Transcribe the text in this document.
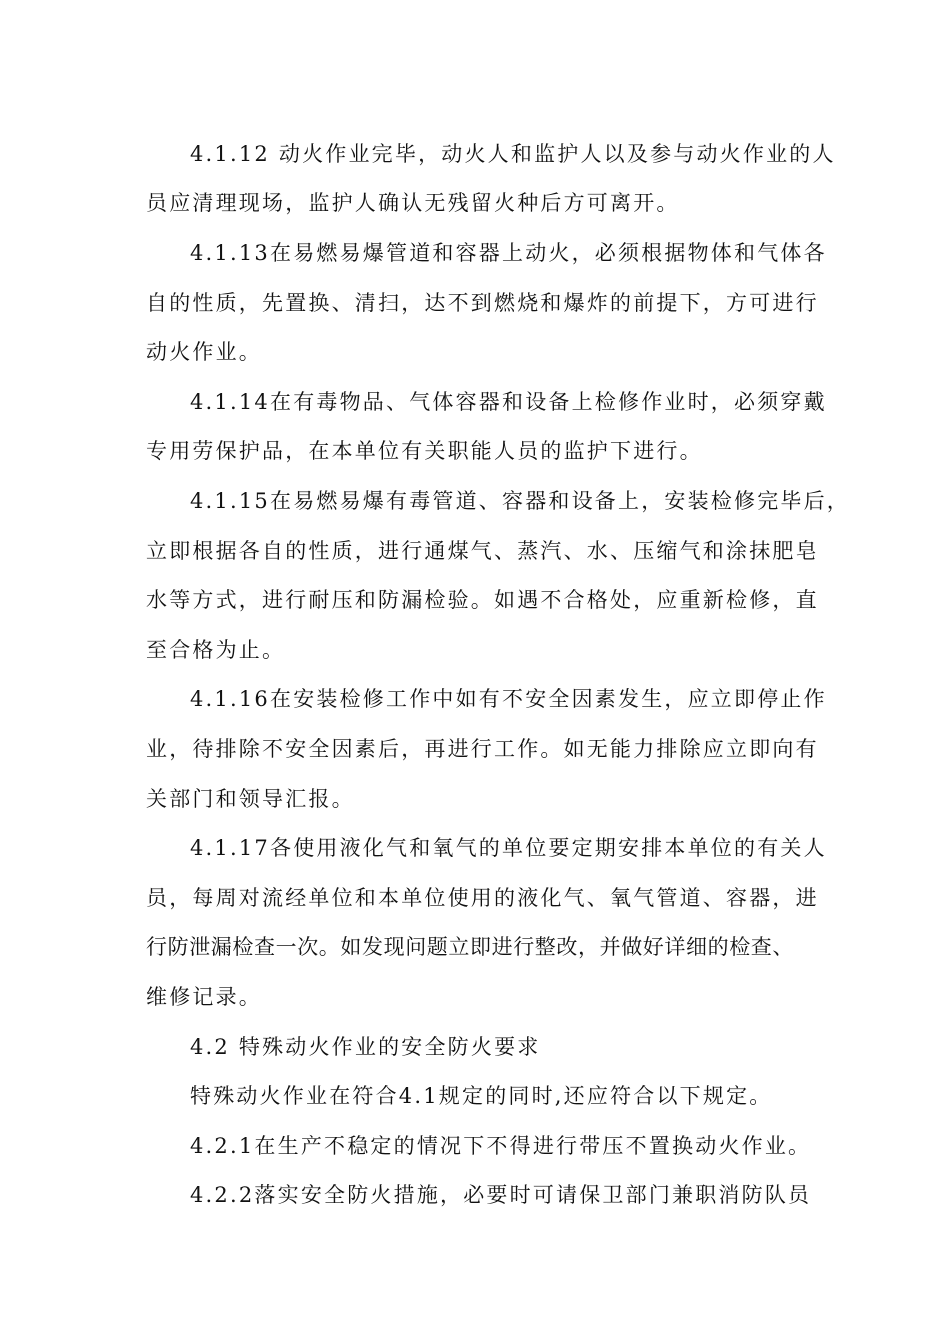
4.1.12 动火作业完毕，动火人和监护人以及参与动火作业的人
员应清理现场，监护人确认无残留火种后方可离开。
4.1.13在易燃易爆管道和容器上动火，必须根据物体和气体各
自的性质，先置换、清扫，达不到燃烧和爆炸的前提下，方可进行
动火作业。
4.1.14在有毒物品、气体容器和设备上检修作业时，必须穿戴
专用劳保护品，在本单位有关职能人员的监护下进行。
4.1.15在易燃易爆有毒管道、容器和设备上，安装检修完毕后，
立即根据各自的性质，进行通煤气、蒸汽、水、压缩气和涂抹肥皂
水等方式，进行耐压和防漏检验。如遇不合格处，应重新检修，直
至合格为止。
4.1.16在安装检修工作中如有不安全因素发生，应立即停止作
业，待排除不安全因素后，再进行工作。如无能力排除应立即向有
关部门和领导汇报。
4.1.17各使用液化气和氧气的单位要定期安排本单位的有关人
员，每周对流经单位和本单位使用的液化气、氧气管道、容器，进
行防泄漏检查一次。如发现问题立即进行整改，并做好详细的检查、
维修记录。
4.2 特殊动火作业的安全防火要求
特殊动火作业在符合4.1规定的同时,还应符合以下规定。
4.2.1在生产不稳定的情况下不得进行带压不置换动火作业。
4.2.2落实安全防火措施，必要时可请保卫部门兼职消防队员
